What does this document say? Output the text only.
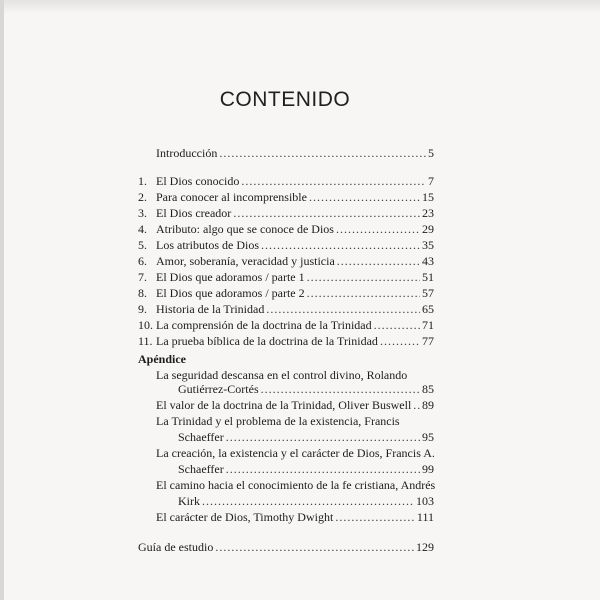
CONTENIDO
Introducción . . .	5
1. El Dios conocido . . .	7
2. Para conocer al incomprensible . . .	15
3. El Dios creador . . .	23
4. Atributo: algo que se conoce de Dios . . .	29
5. Los atributos de Dios . . .	35
6. Amor, soberanía, veracidad y justicia . . .	43
7. El Dios que adoramos / parte 1 . . .	51
8. El Dios que adoramos / parte 2 . . .	57
9. Historia de la Trinidad . . .	65
10. La comprensión de la doctrina de la Trinidad . . .	71
11. La prueba bíblica de la doctrina de la Trinidad . . .	77
Apéndice
La seguridad descansa en el control divino, Rolando
Gutiérrez-Cortés . . .	85
El valor de la doctrina de la Trinidad, Oliver Buswell . . . 89
La Trinidad y el problema de la existencia, Francis
Schaeffer . . .	95
La creación, la existencia y el carácter de Dios, Francis A.
Schaeffer . . .	99
El camino hacia el conocimiento de la fe cristiana, Andrés
Kirk . . .	103
El carácter de Dios, Timothy Dwight . . .	111
Guía de estudio . . .	129
